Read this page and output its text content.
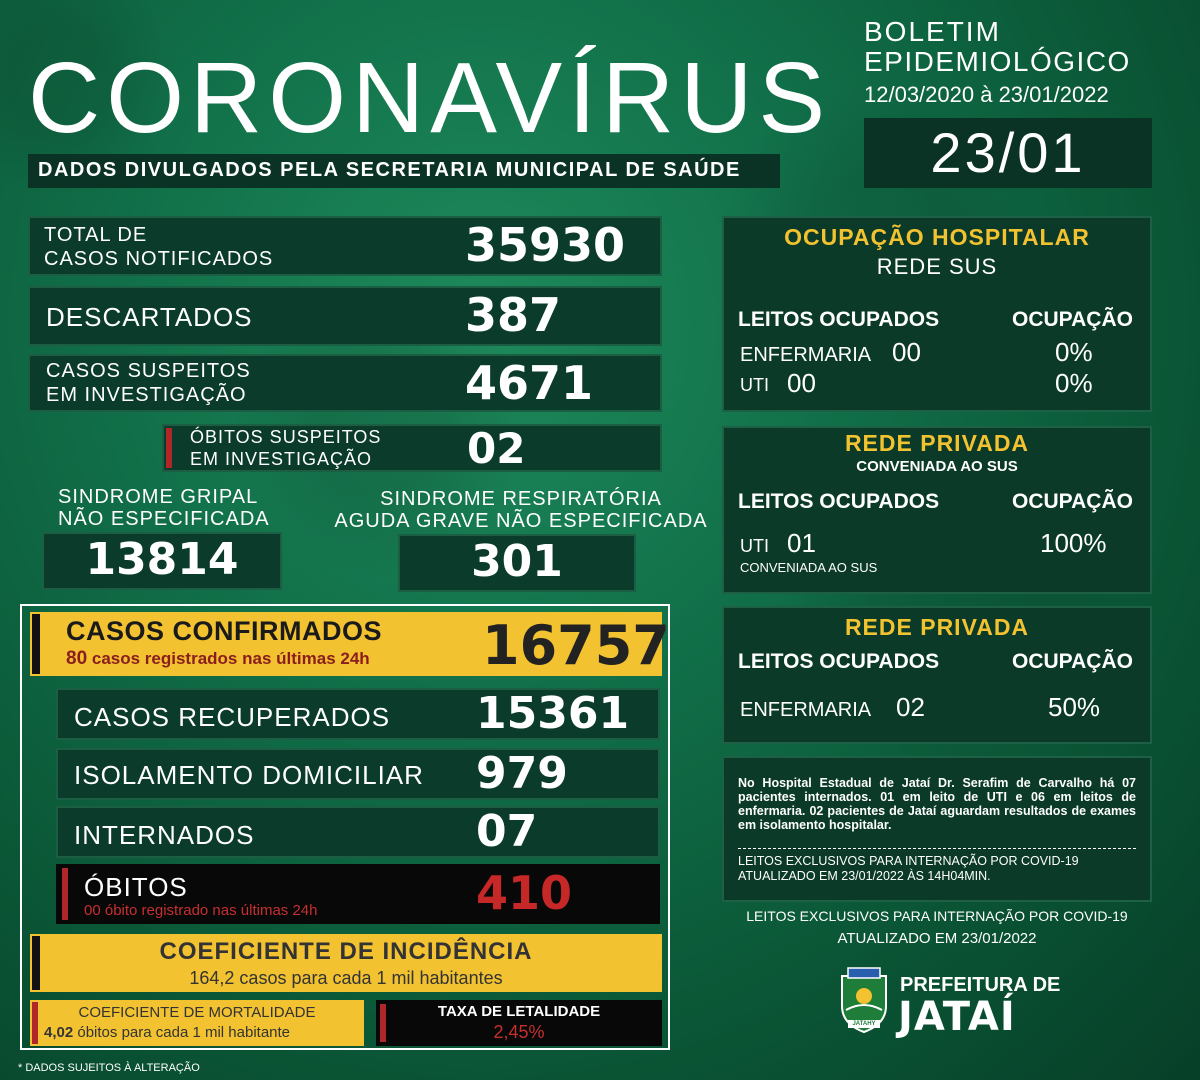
CORONAVÍRUS
DADOS DIVULGADOS PELA SECRETARIA MUNICIPAL DE SAÚDE
BOLETIM
EPIDEMIOLÓGICO
12/03/2020 à 23/01/2022
23/01
TOTAL DE
CASOS NOTIFICADOS	35930
DESCARTADOS	387
CASOS SUSPEITOS
EM INVESTIGAÇÃO	4671
ÓBITOS SUSPEITOS
EM INVESTIGAÇÃO 02
SINDROME GRIPAL
NÃO ESPECIFICADA
13814
SINDROME RESPIRATÓRIA
AGUDA GRAVE NÃO ESPECIFICADA
301
CASOS CONFIRMADOS
80 casos registrados nas últimas 24h 16757
CASOS RECUPERADOS 15361
ISOLAMENTO DOMICILIAR 979
INTERNADOS	07
ÓBITOS
00 óbito registrado nas últimas 24h	410
COEFICIENTE DE INCIDÊNCIA
164,2 casos para cada 1 mil habitantes
COEFICIENTE DE MORTALIDADE
4,02 óbitos para cada 1 mil habitante
TAXA DE LETALIDADE
2,45%
* DADOS SUJEITOS À ALTERAÇÃO
OCUPAÇÃO HOSPITALAR
REDE SUS
LEITOS OCUPADOS	OCUPAÇÃO
ENFERMARIA 00	0%
UTI 00	0%
REDE PRIVADA
CONVENIADA AO SUS
LEITOS OCUPADOS	OCUPAÇÃO
UTI 01	100%
CONVENIADA AO SUS
REDE PRIVADA
LEITOS OCUPADOS	OCUPAÇÃO
ENFERMARIA 02	50%
No Hospital Estadual de Jataí Dr. Serafim de Carvalho há 07 pacientes internados. 01 em leito de UTI e 06 em leitos de enfermaria. 02 pacientes de Jataí aguardam resultados de exames em isolamento hospitalar.
LEITOS EXCLUSIVOS PARA INTERNAÇÃO POR COVID-19
ATUALIZADO EM 23/01/2022 ÀS 14H04MIN.
LEITOS EXCLUSIVOS PARA INTERNAÇÃO POR COVID-19
ATUALIZADO EM 23/01/2022
JATAHY
PREFEITURA DE
JATAÍ
